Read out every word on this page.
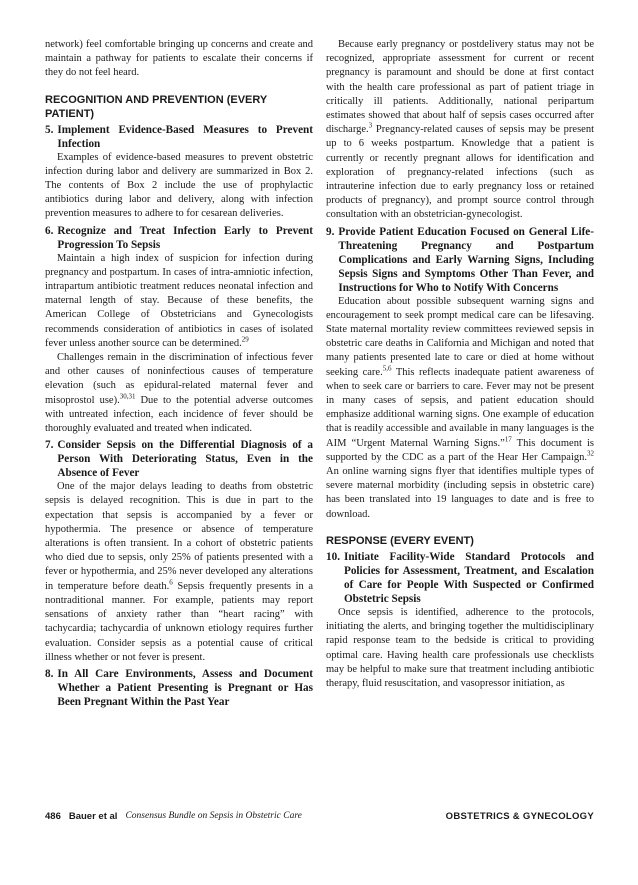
network) feel comfortable bringing up concerns and create and maintain a pathway for patients to escalate their concerns if they do not feel heard.

RECOGNITION AND PREVENTION (EVERY PATIENT)
5. Implement Evidence-Based Measures to Prevent Infection

Examples of evidence-based measures to prevent obstetric infection during labor and delivery are summarized in Box 2. The contents of Box 2 include the use of prophylactic antibiotics during labor and delivery, along with infection prevention measures to adhere to for cesarean deliveries.

6. Recognize and Treat Infection Early to Prevent Progression To Sepsis

Maintain a high index of suspicion for infection during pregnancy and postpartum. In cases of intra-amniotic infection, intrapartum antibiotic treatment reduces neonatal infection and maternal length of stay. Because of these benefits, the American College of Obstetricians and Gynecologists recommends consideration of antibiotics in cases of isolated fever unless another source can be determined.$^{29}$

Challenges remain in the discrimination of infectious fever and other causes of noninfectious causes of temperature elevation (such as epidural-related maternal fever and misoprostol use).$^{30,31}$ Due to the potential adverse outcomes with untreated infection, each incidence of fever should be thoroughly evaluated and treated when indicated.

7. Consider Sepsis on the Differential Diagnosis of a Person With Deteriorating Status, Even in the Absence of Fever

One of the major delays leading to deaths from obstetric sepsis is delayed recognition. This is due in part to the expectation that sepsis is accompanied by a fever or hypothermia. The presence or absence of temperature alterations is often transient. In a cohort of obstetric patients who died due to sepsis, only 25% of patients presented with a fever or hypothermia, and 25% never developed any alterations in temperature before death.$^6$ Sepsis frequently presents in a nontraditional manner. For example, patients may report sensations of anxiety rather than “heart racing” with tachycardia; tachycardia of unknown etiology requires further evaluation. Consider sepsis as a potential cause of critical illness whether or not fever is present.

8. In All Care Environments, Assess and Document Whether a Patient Presenting is Pregnant or Has Been Pregnant Within the Past Year

Because early pregnancy or postdelivery status may not be recognized, appropriate assessment for current or recent pregnancy is paramount and should be done at first contact with the health care professional as part of patient triage in critically ill patients. Additionally, national peripartum estimates showed that about half of sepsis cases occurred after discharge.$^3$ Pregnancy-related causes of sepsis may be present up to 6 weeks postpartum. Knowledge that a patient is currently or recently pregnant allows for identification and exploration of pregnancy-related infections (such as intrauterine infection due to early pregnancy loss or retained products of pregnancy), and prompt source control through consultation with an obstetrician-gynecologist.

9. Provide Patient Education Focused on General Life-Threatening Pregnancy and Postpartum Complications and Early Warning Signs, Including Sepsis Signs and Symptoms Other Than Fever, and Instructions for Who to Notify With Concerns

Education about possible subsequent warning signs and encouragement to seek prompt medical care can be lifesaving. State maternal mortality review committees reviewed sepsis in obstetric care deaths in California and Michigan and noted that many patients presented late to care or died at home without seeking care.$^{5,6}$ This reflects inadequate patient awareness of when to seek care or barriers to care. Fever may not be present in many cases of sepsis, and patient education should emphasize additional warning signs. One example of education that is readily accessible and available in many languages is the AIM “Urgent Maternal Warning Signs.”$^{17}$ This document is supported by the CDC as a part of the Hear Her Campaign.$^{32}$ An online warning signs flyer that identifies multiple types of severe maternal morbidity (including sepsis in obstetric care) has been translated into 19 languages to date and is free to download.

RESPONSE (EVERY EVENT)
10. Initiate Facility-Wide Standard Protocols and Policies for Assessment, Treatment, and Escalation of Care for People With Suspected or Confirmed Obstetric Sepsis

Once sepsis is identified, adherence to the protocols, initiating the alerts, and bringing together the multidisciplinary rapid response team to the bedside is critical to providing optimal care. Having health care professionals use checklists may be helpful to make sure that treatment including antibiotic therapy, fluid resuscitation, and vasopressor initiation, as

486 Bauer et al Consensus Bundle on Sepsis in Obstetric Care	OBSTETRICS & GYNECOLOGY
